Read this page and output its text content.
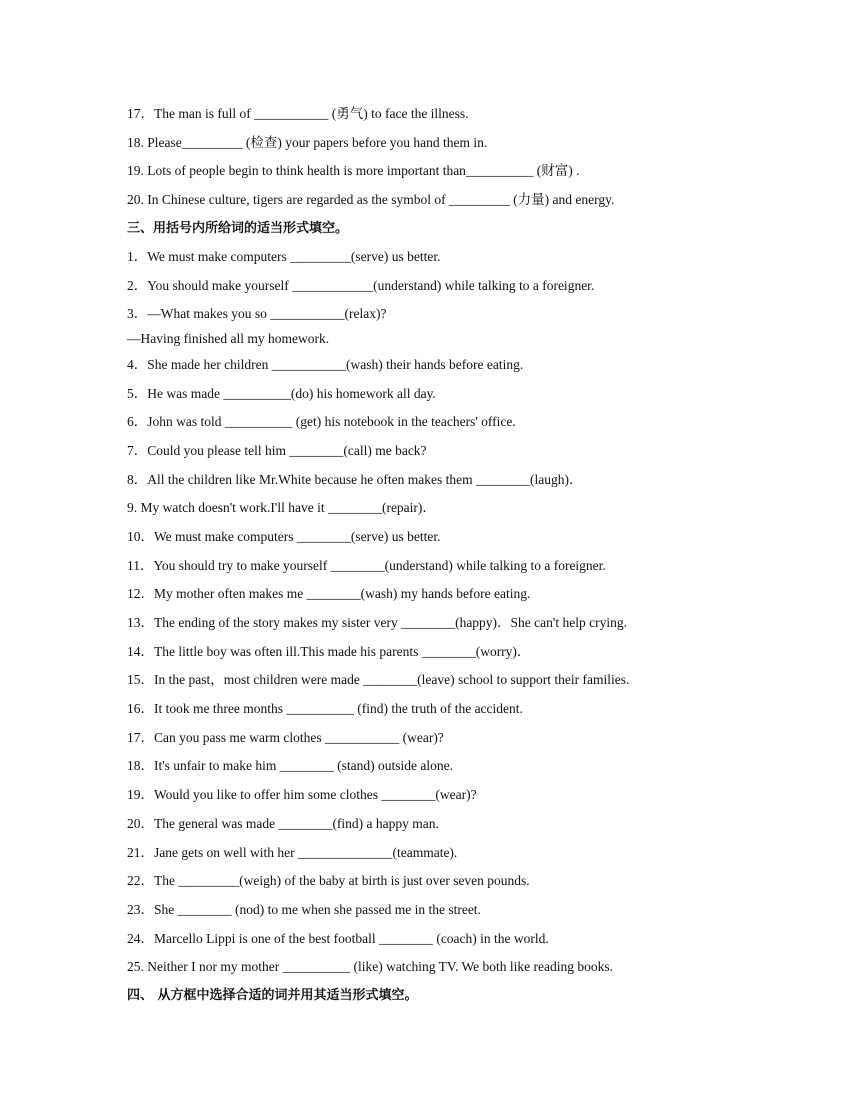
17．The man is full of ___________ (勇气) to face the illness.
18. Please_________ (检查) your papers before you hand them in.
19. Lots of people begin to think health is more important than__________ (财富) .
20. In Chinese culture, tigers are regarded as the symbol of _________ (力量) and energy.
三、用括号内所给词的适当形式填空。
1．We must make computers _________(serve) us better.
2．You should make yourself ____________(understand) while talking to a foreigner.
3．—What makes you so ___________(relax)?
—Having finished all my homework.
4．She made her children ___________(wash) their hands before eating.
5．He was made __________(do) his homework all day.
6．John was told __________ (get) his notebook in the teachers' office.
7．Could you please tell him ________(call) me back?
8．All the children like Mr.White because he often makes them ________(laugh)．
9. My watch doesn't work.I'll have it ________(repair)．
10．We must make computers ________(serve) us better.
11．You should try to make yourself ________(understand) while talking to a foreigner.
12．My mother often makes me ________(wash) my hands before eating.
13．The ending of the story makes my sister very ________(happy)．She can't help crying.
14．The little boy was often ill.This made his parents ________(worry)．
15．In the past，most children were made ________(leave) school to support their families.
16．It took me three months __________ (find) the truth of the accident.
17．Can you pass me warm clothes ___________ (wear)?
18．It's unfair to make him ________ (stand) outside alone.
19．Would you like to offer him some clothes ________(wear)?
20．The general was made ________(find) a happy man.
21．Jane gets on well with her ______________(teammate).
22．The _________(weigh) of the baby at birth is just over seven pounds.
23．She ________ (nod) to me when she passed me in the street.
24．Marcello Lippi is one of the best football ________ (coach) in the world.
25. Neither I nor my mother __________ (like) watching TV. We both like reading books.
四、 从方框中选择合适的词并用其适当形式填空。
